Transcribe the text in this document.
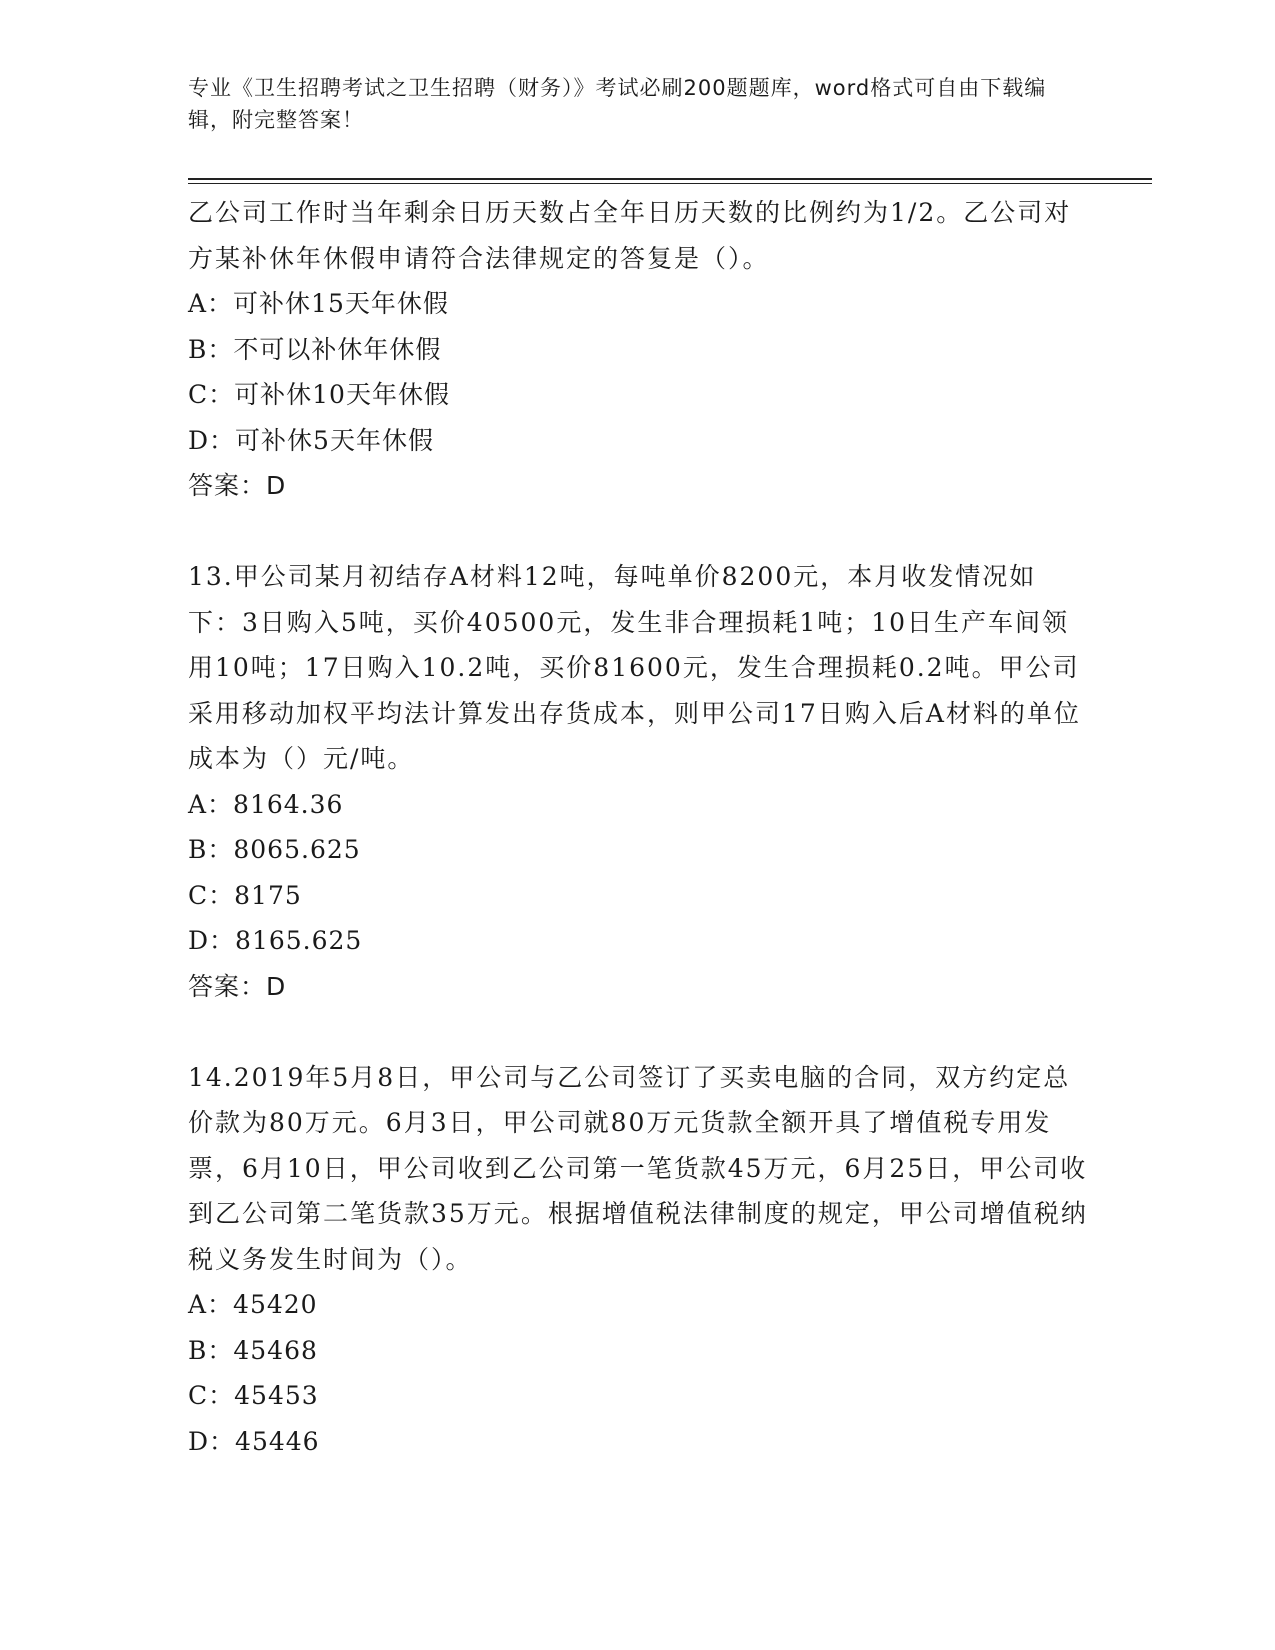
专业《卫生招聘考试之卫生招聘（财务）》考试必刷200题题库，word格式可自由下载编辑，附完整答案！

乙公司工作时当年剩余日历天数占全年日历天数的比例约为1/2。乙公司对方某补休年休假申请符合法律规定的答复是（）。

A：可补休15天年休假

B：不可以补休年休假

C：可补休10天年休假

D：可补休5天年休假

答案：D

13.甲公司某月初结存A材料12吨，每吨单价8200元，本月收发情况如下：3日购入5吨，买价40500元，发生非合理损耗1吨；10日生产车间领用10吨；17日购入10.2吨，买价81600元，发生合理损耗0.2吨。甲公司采用移动加权平均法计算发出存货成本，则甲公司17日购入后A材料的单位成本为（）元/吨。

A：8164.36

B：8065.625

C：8175

D：8165.625

答案：D

14.2019年5月8日，甲公司与乙公司签订了买卖电脑的合同，双方约定总价款为80万元。6月3日，甲公司就80万元货款全额开具了增值税专用发票，6月10日，甲公司收到乙公司第一笔货款45万元，6月25日，甲公司收到乙公司第二笔货款35万元。根据增值税法律制度的规定，甲公司增值税纳税义务发生时间为（）。

A：45420

B：45468

C：45453

D：45446
